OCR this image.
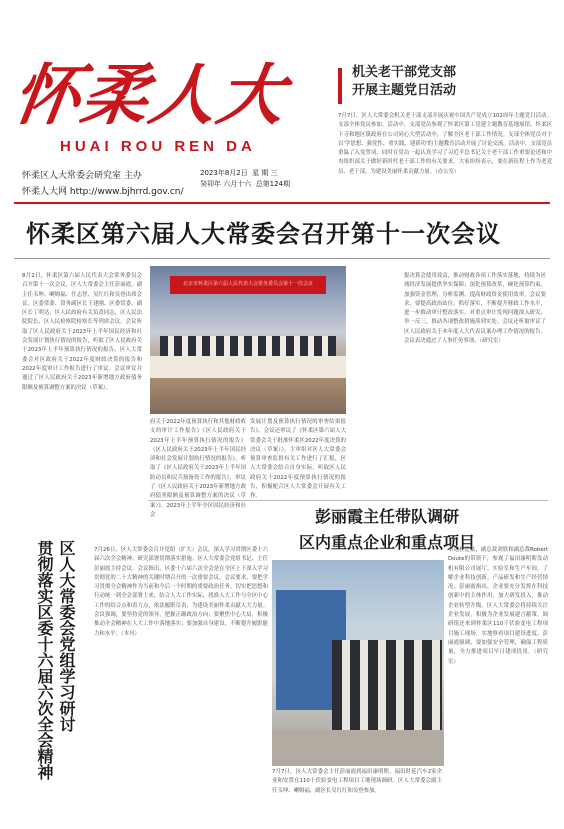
怀柔人大
HUAI ROU REN DA
怀柔区人大常委会研究室 主办
怀柔人大网 http://www.bjhrrd.gov.cn/
2023年8月2日 星 期 三
癸卯年 六月十六 总第124期
机关老干部党支部
开展主题党日活动
7月7日，区人大常委会机关老干部支部开展庆祝中国共产党成立102周年主题党日活动。支部全体党员参加。活动中，支部党员参观了怀柔区第工党建主题教育基地展馆，怀柔区下寺和地区镇政府在公司同心大型活动中，了解全区老干部工作情况。支部全体党员对于以'学思想、强党性、重实践、建新功'的主题教育活动开展了讨论交流。活动中，支部党员重温了入党誓词，同时在党员一起认真学习了习近平总书记关于老干部工作重要论述和中央组织部关于做好新时代老干部工作的有关要求。大家纷纷表示，要在新征程上作为老党员、老干部，为建设美丽怀柔贡献力量。（办公室）
怀柔区第六届人大常委会召开第十一次会议
8月2日，怀柔区第六届人民代表大会常务委员会召开第十一次会议。区人大常委会主任彭丽霞，副主任韦坤、喇姆福、任志智、吴红红和吴登出席会议。区委常委、常务副区长王建刚、区委常委、副区长丁明达、区人民政府有关负责同志，区人民法院院长、区人民检察院检察长等列席会议。会议听取了区人民政府关于2023年上半年国民经济和社会发展计划执行情况的报告，听取了区人民政府关于2023年上半年预算执行情况的报告。区人大常委会对区政府关于2022年度财政决算的报告和2022年度审计工作报告进行了审议。会议审议并通过了区人民政府关于2023年新增地方政府债务限额及预算调整方案的决议（草案）。
北京市怀柔区第六届人民代表大会常务委员会第十一次会议
府关于2022年度预算执行和其他财政收支的审计工作报告》《区人民政府关于2023年上半年预算执行情况的报告》《区人民政府关于2023年上半年国民经济和社会发展计划执行情况的报告》，听取了《区人民政府关于2023年上半年国防动员和民兵预备役工作的报告》，审议了《区人民政府关于2023年新增地方政府债务限额及预算调整方案的决议（草案）》，2023年上半年全区国民经济和社会
发展计划及预算执行情况的审查结果报告》。会议还审议了《怀柔区第六届人大常委会关于批准怀柔区2022年度决算的决议（草案）》。主审组对区人大常委会预算审查监督有关工作进行了汇报，区人大常委会结合自身实际，听取区人民政府关于2022年度预算执行情况的报告，积极配合区人大常委会开展有关工作。
报决算会使用效益，推动财政各项工作落实落地，持续为区域经济发展提供坚实保障；深化预算改革，硬化预算约束，加强资金管理，分析监测，提高财政资金使用效率。会议要求，要提高政治站位，抓好落实，不断提升财政工作水平，进一步推动审计整改落实，对重点审计发现问题深入研究、举一反三，推动各项整改措施落到实处。会议还听取审议了区人民政府关于本年度人大代表议案办理工作情况的报告。会议表决通过了人事任免事项。（研究室）
区人大常委会党组学习研讨
贯彻落实区委十六届六次全会精神	7月26日，区人大常委会召开党组（扩大）会议，深入学习贯彻区委十六届六次全会精神，研究部署贯彻落实措施。区人大常委会党组书记、主任彭丽霞主持会议。会议指出，区委十六届六次全会是在全区上下深入学习贯彻党的二十大精神的关键时期召开的一次重要会议。会议要求，要把学习贯彻全会精神作为当前和今后一个时期的重要政治任务，切实把思想和行动统一到全会部署上来，结合人大工作实际，找准人大工作与全区中心工作的结合点和着力点，依法履职尽责，为建设美丽怀柔贡献人大力量。会议强调，要坚持党的领导，把握正确政治方向；要聚焦中心大局，积极推动全会精神在人大工作中落地落实；要加强自身建设，不断提升履职能力和水平。（本刊）
彭丽霞主任带队调研
区内重点企业和重点项目
7月7日，区人大常委会主任彭丽霞到福田康明斯、福田时延汽车2家企业和安置在110千伏验变电工程项目工地现场调研。区人大常委会副主任韦坤、喇姆福，副区长吴红红和吴登参加。
书记杜廷弦，副总裁刘欣和副总裁Robert Doute的带领下，参观了福田康明斯发动机有限公司展厅、实验室和生产车间，了解企业科技创新、产品研发和生产经营情况。彭丽霞指出，企业要充分发挥在科技创新中的主体作用，加大研发投入，推动企业转型升级。区人大常委会将持续关注企业发展，积极为企业发展建言献策。调研组还来到怀柔区110千伏验变电工程项目施工现场，实地察看项目建设进度。彭丽霞强调，要加强安全管理，确保工程质量，全力推进项目早日建成投用。（研究室）
